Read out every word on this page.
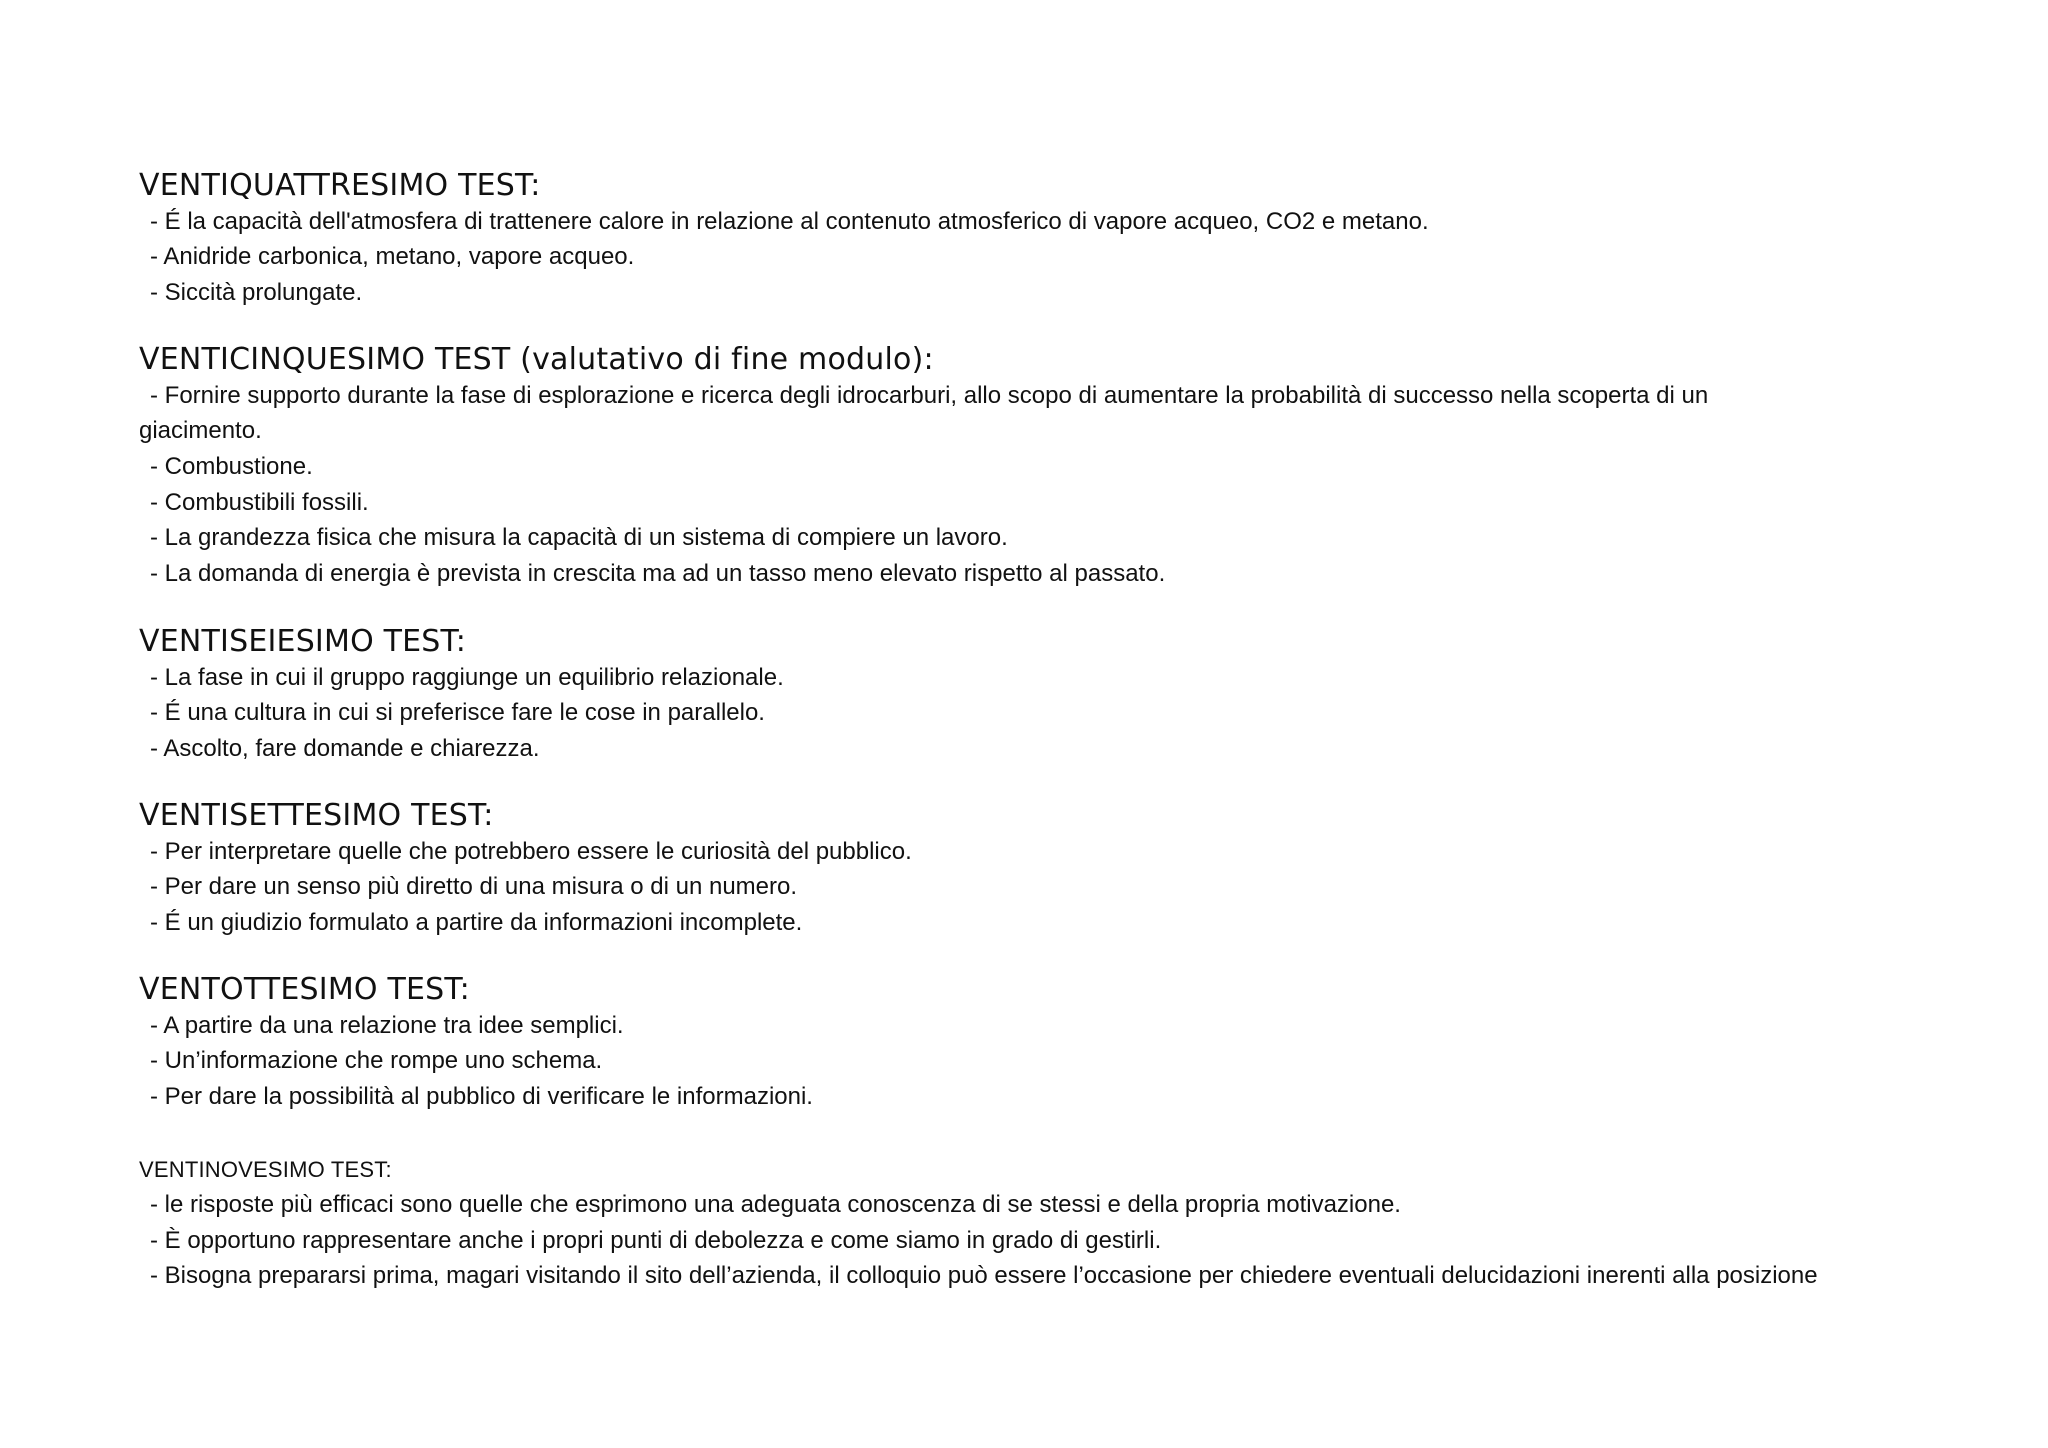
VENTIQUATTRESIMO TEST:
- É la capacità dell'atmosfera di trattenere calore in relazione al contenuto atmosferico di vapore acqueo, CO2 e metano.
- Anidride carbonica, metano, vapore acqueo.
- Siccità prolungate.
VENTICINQUESIMO TEST (valutativo di fine modulo):
- Fornire supporto durante la fase di esplorazione e ricerca degli idrocarburi, allo scopo di aumentare la probabilità di successo nella scoperta di un
giacimento.
- Combustione.
- Combustibili fossili.
- La grandezza fisica che misura la capacità di un sistema di compiere un lavoro.
- La domanda di energia è prevista in crescita ma ad un tasso meno elevato rispetto al passato.
VENTISEIESIMO TEST:
- La fase in cui il gruppo raggiunge un equilibrio relazionale.
- É una cultura in cui si preferisce fare le cose in parallelo.
- Ascolto, fare domande e chiarezza.
VENTISETTESIMO TEST:
- Per interpretare quelle che potrebbero essere le curiosità del pubblico.
- Per dare un senso più diretto di una misura o di un numero.
- É un giudizio formulato a partire da informazioni incomplete.
VENTOTTESIMO TEST:
- A partire da una relazione tra idee semplici.
- Un’informazione che rompe uno schema.
- Per dare la possibilità al pubblico di verificare le informazioni.
VENTINOVESIMO TEST:
- le risposte più efficaci sono quelle che esprimono una adeguata conoscenza di se stessi e della propria motivazione.
- È opportuno rappresentare anche i propri punti di debolezza e come siamo in grado di gestirli.
- Bisogna prepararsi prima, magari visitando il sito dell’azienda, il colloquio può essere l’occasione per chiedere eventuali delucidazioni inerenti alla posizione
